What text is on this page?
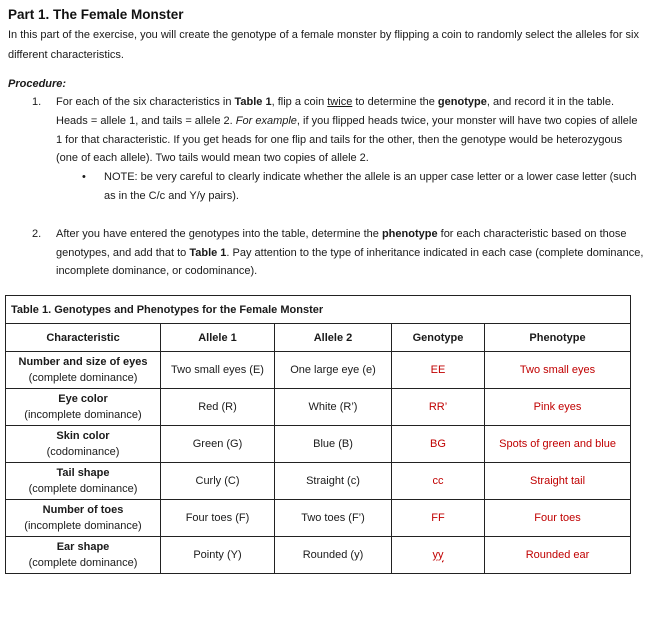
Part 1. The Female Monster

In this part of the exercise, you will create the genotype of a female monster by flipping a coin to randomly select the alleles for six different characteristics.

Procedure:
1. For each of the six characteristics in Table 1, flip a coin twice to determine the genotype, and record it in the table. Heads = allele 1, and tails = allele 2. For example, if you flipped heads twice, your monster will have two copies of allele 1 for that characteristic. If you get heads for one flip and tails for the other, then the genotype would be heterozygous (one of each allele). Two tails would mean two copies of allele 2.
• NOTE: be very careful to clearly indicate whether the allele is an upper case letter or a lower case letter (such as in the C/c and Y/y pairs).
2. After you have entered the genotypes into the table, determine the phenotype for each characteristic based on those genotypes, and add that to Table 1. Pay attention to the type of inheritance indicated in each case (complete dominance, incomplete dominance, or codominance).
Table 1. Genotypes and Phenotypes for the Female Monster				
Characteristic	Allele 1	Allele 2	Genotype	Phenotype
Number and size of eyes
(complete dominance)	Two small eyes (E)	One large eye (e)	EE	Two small eyes
Eye color
(incomplete dominance)	Red (R)	White (R’)	RR’	Pink eyes
Skin color
(codominance)	Green (G)	Blue (B)	BG	Spots of green and blue
Tail shape
(complete dominance)	Curly (C)	Straight (c)	cc	Straight tail
Number of toes
(incomplete dominance)	Four toes (F)	Two toes (F’)	FF	Four toes
Ear shape
(complete dominance)	Pointy (Y)	Rounded (y)	yy	Rounded ear
